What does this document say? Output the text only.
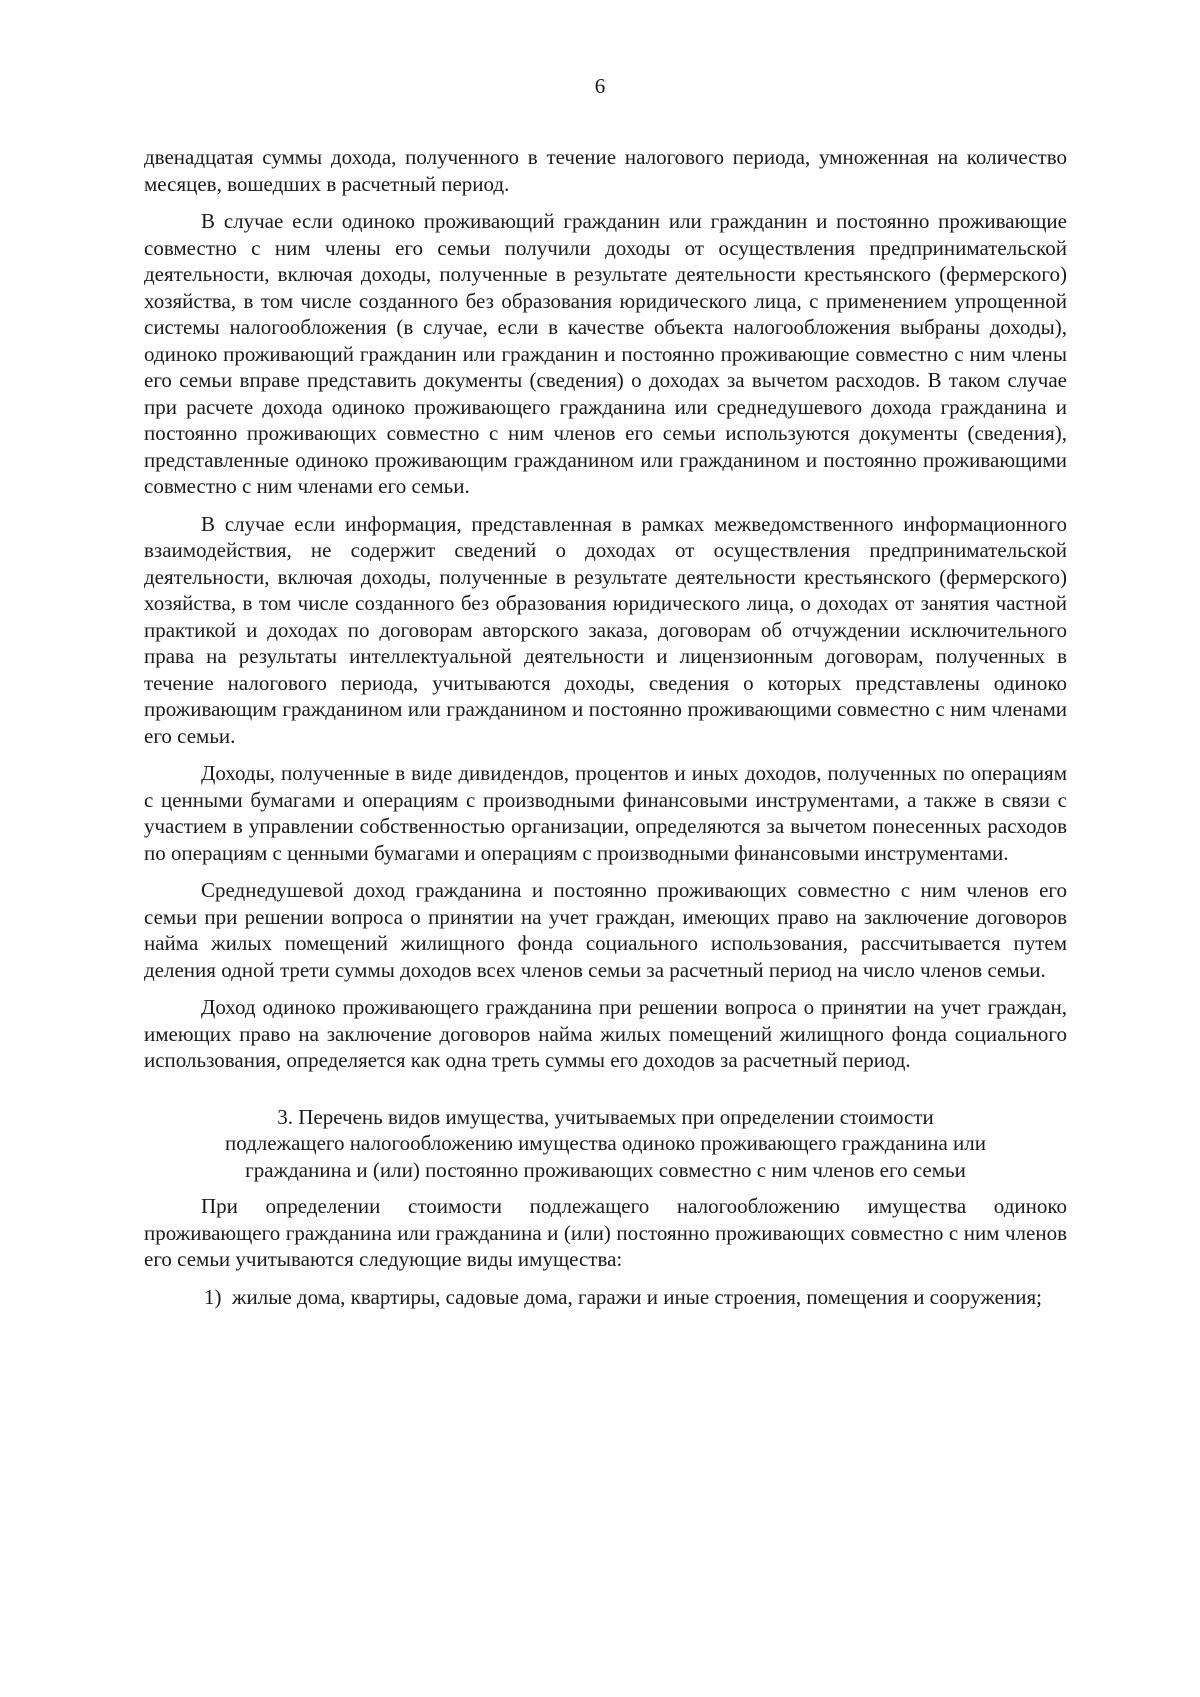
6

двенадцатая суммы дохода, полученного в течение налогового периода, умноженная на количество месяцев, вошедших в расчетный период.

В случае если одиноко проживающий гражданин или гражданин и постоянно проживающие совместно с ним члены его семьи получили доходы от осуществления предпринимательской деятельности, включая доходы, полученные в результате деятельности крестьянского (фермерского) хозяйства, в том числе созданного без образования юридического лица, с применением упрощенной системы налогообложения (в случае, если в качестве объекта налогообложения выбраны доходы), одиноко проживающий гражданин или гражданин и постоянно проживающие совместно с ним члены его семьи вправе представить документы (сведения) о доходах за вычетом расходов. В таком случае при расчете дохода одиноко проживающего гражданина или среднедушевого дохода гражданина и постоянно проживающих совместно с ним членов его семьи используются документы (сведения), представленные одиноко проживающим гражданином или гражданином и постоянно проживающими совместно с ним членами его семьи.

В случае если информация, представленная в рамках межведомственного информационного взаимодействия, не содержит сведений о доходах от осуществления предпринимательской деятельности, включая доходы, полученные в результате деятельности крестьянского (фермерского) хозяйства, в том числе созданного без образования юридического лица, о доходах от занятия частной практикой и доходах по договорам авторского заказа, договорам об отчуждении исключительного права на результаты интеллектуальной деятельности и лицензионным договорам, полученных в течение налогового периода, учитываются доходы, сведения о которых представлены одиноко проживающим гражданином или гражданином и постоянно проживающими совместно с ним членами его семьи.

Доходы, полученные в виде дивидендов, процентов и иных доходов, полученных по операциям с ценными бумагами и операциям с производными финансовыми инструментами, а также в связи с участием в управлении собственностью организации, определяются за вычетом понесенных расходов по операциям с ценными бумагами и операциям с производными финансовыми инструментами.

Среднедушевой доход гражданина и постоянно проживающих совместно с ним членов его семьи при решении вопроса о принятии на учет граждан, имеющих право на заключение договоров найма жилых помещений жилищного фонда социального использования, рассчитывается путем деления одной трети суммы доходов всех членов семьи за расчетный период на число членов семьи.

Доход одиноко проживающего гражданина при решении вопроса о принятии на учет граждан, имеющих право на заключение договоров найма жилых помещений жилищного фонда социального использования, определяется как одна треть суммы его доходов за расчетный период.

3. Перечень видов имущества, учитываемых при определении стоимости
подлежащего налогообложению имущества одиноко проживающего гражданина или
гражданина и (или) постоянно проживающих совместно с ним членов его семьи

При определении стоимости подлежащего налогообложению имущества одиноко проживающего гражданина или гражданина и (или) постоянно проживающих совместно с ним членов его семьи учитываются следующие виды имущества:

1) жилые дома, квартиры, садовые дома, гаражи и иные строения, помещения и сооружения;
